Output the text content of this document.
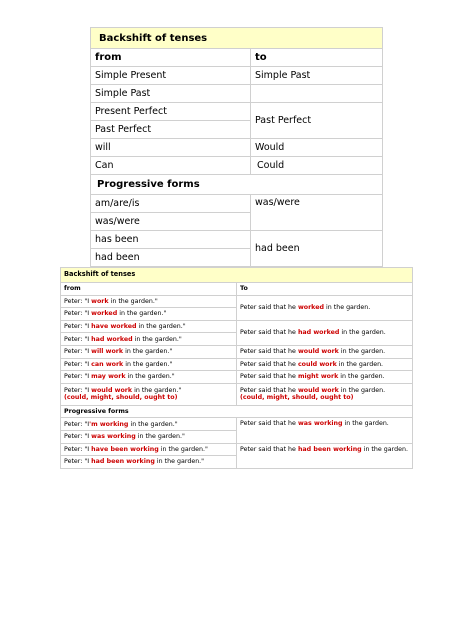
Backshift of tenses	
from	to
Simple Present	Simple Past
Simple Past	
Present Perfect	Past Perfect
Past Perfect	
will	Would
Can	Could
Progressive forms	
am/are/is	was/were
was/were	
has been	had been
had been	
Backshift of tenses	
from	To
Peter: "I work in the garden."	Peter said that he worked in the garden.
Peter: "I worked in the garden."	
Peter: "I have worked in the garden."	Peter said that he had worked in the garden.
Peter: "I had worked in the garden."	
Peter: "I will work in the garden."	Peter said that he would work in the garden.
Peter: "I can work in the garden."	Peter said that he could work in the garden.
Peter: "I may work in the garden."	Peter said that he might work in the garden.
Peter: "I would work in the garden."
(could, might, should, ought to)	Peter said that he would work in the garden.
(could, might, should, ought to)
Progressive forms	
Peter: "I'm working in the garden."	Peter said that he was working in the garden.
Peter: "I was working in the garden."	
Peter: "I have been working in the garden."	Peter said that he had been working in the garden.
Peter: "I had been working in the garden."	
